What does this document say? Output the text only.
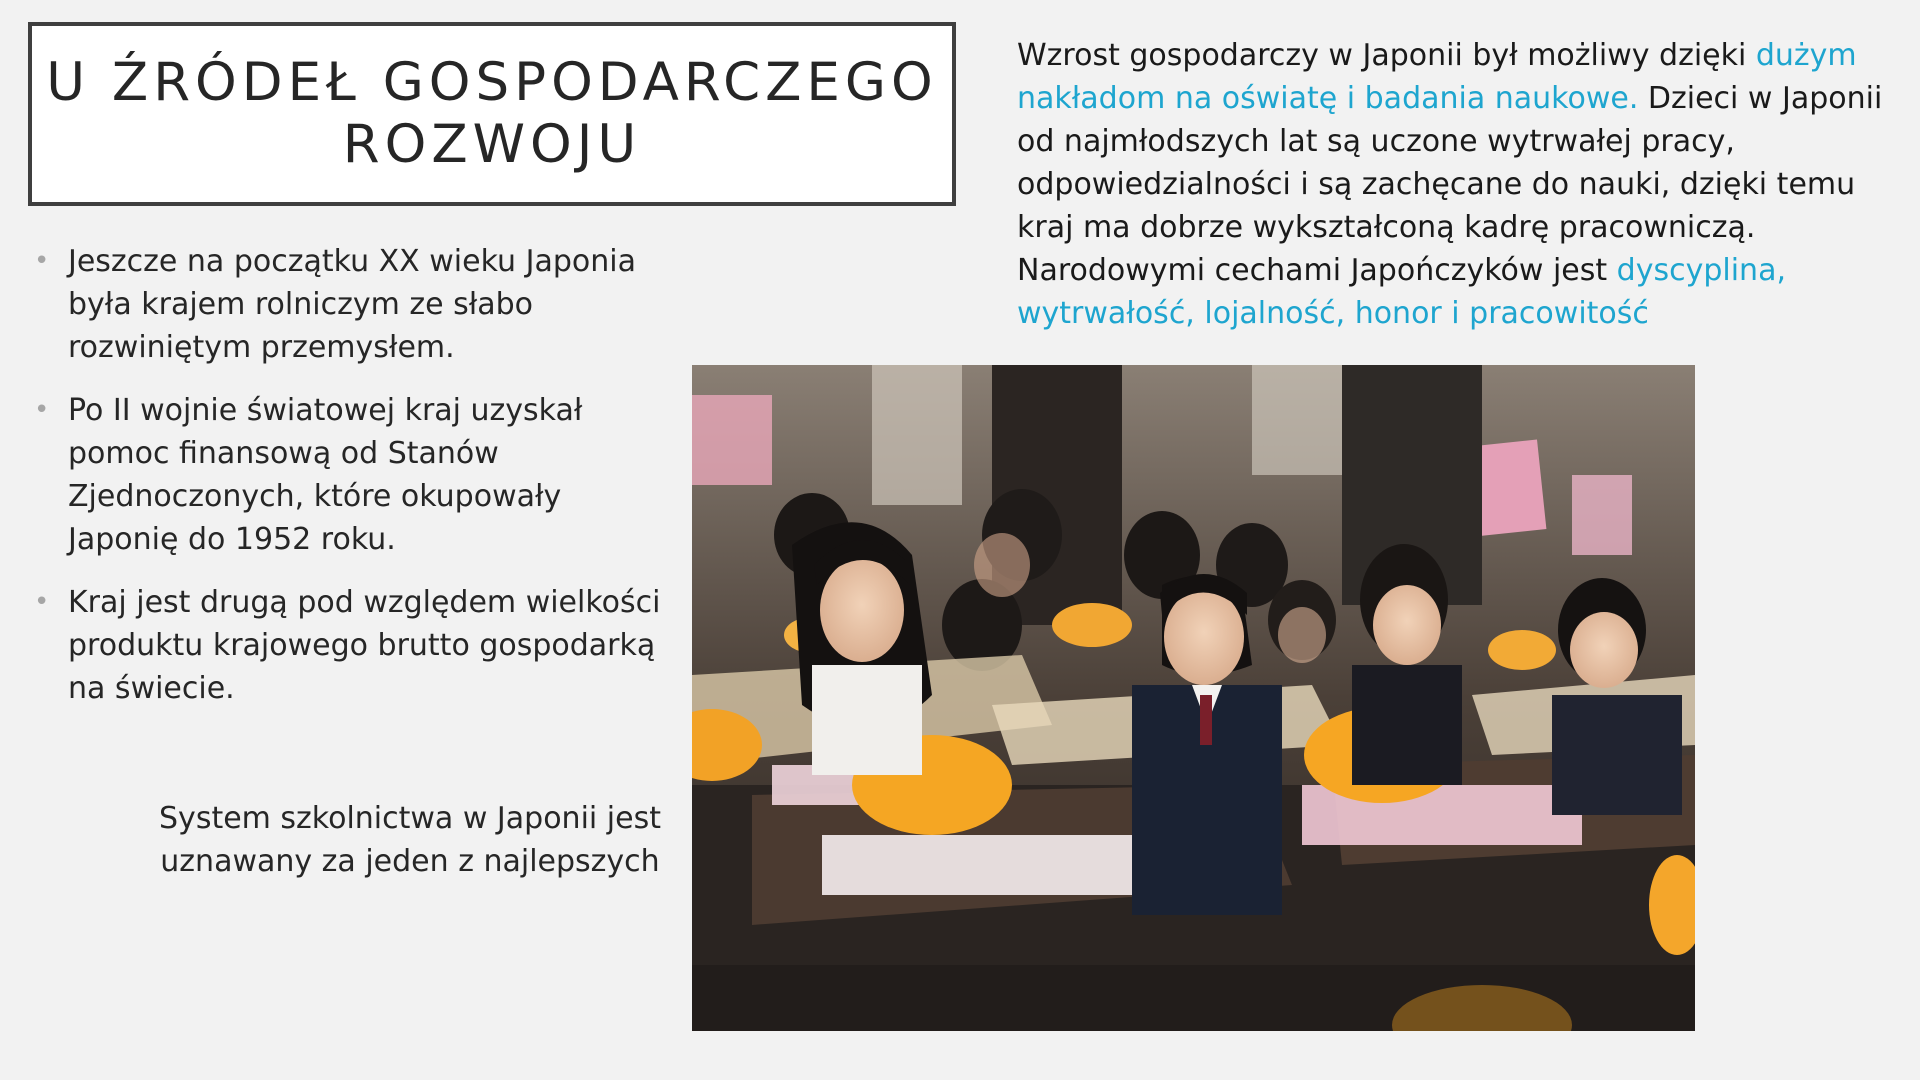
U ŹRÓDEŁ GOSPODARCZEGO
ROZWOJU
Wzrost gospodarczy w Japonii był możliwy dzięki dużym nakładom na oświatę i badania naukowe. Dzieci w Japonii od najmłodszych lat są uczone wytrwałej pracy, odpowiedzialności i są zachęcane do nauki, dzięki temu kraj ma dobrze wykształconą kadrę pracowniczą. Narodowymi cechami Japończyków jest dyscyplina, wytrwałość, lojalność, honor i pracowitość
• Jeszcze na początku XX wieku Japonia była krajem rolniczym ze słabo rozwiniętym przemysłem.
• Po II wojnie światowej kraj uzyskał pomoc finansową od Stanów Zjednoczonych, które okupowały Japonię do 1952 roku.
• Kraj jest drugą pod względem wielkości produktu krajowego brutto gospodarką na świecie.
System szkolnictwa w Japonii jest uznawany za jeden z najlepszych
